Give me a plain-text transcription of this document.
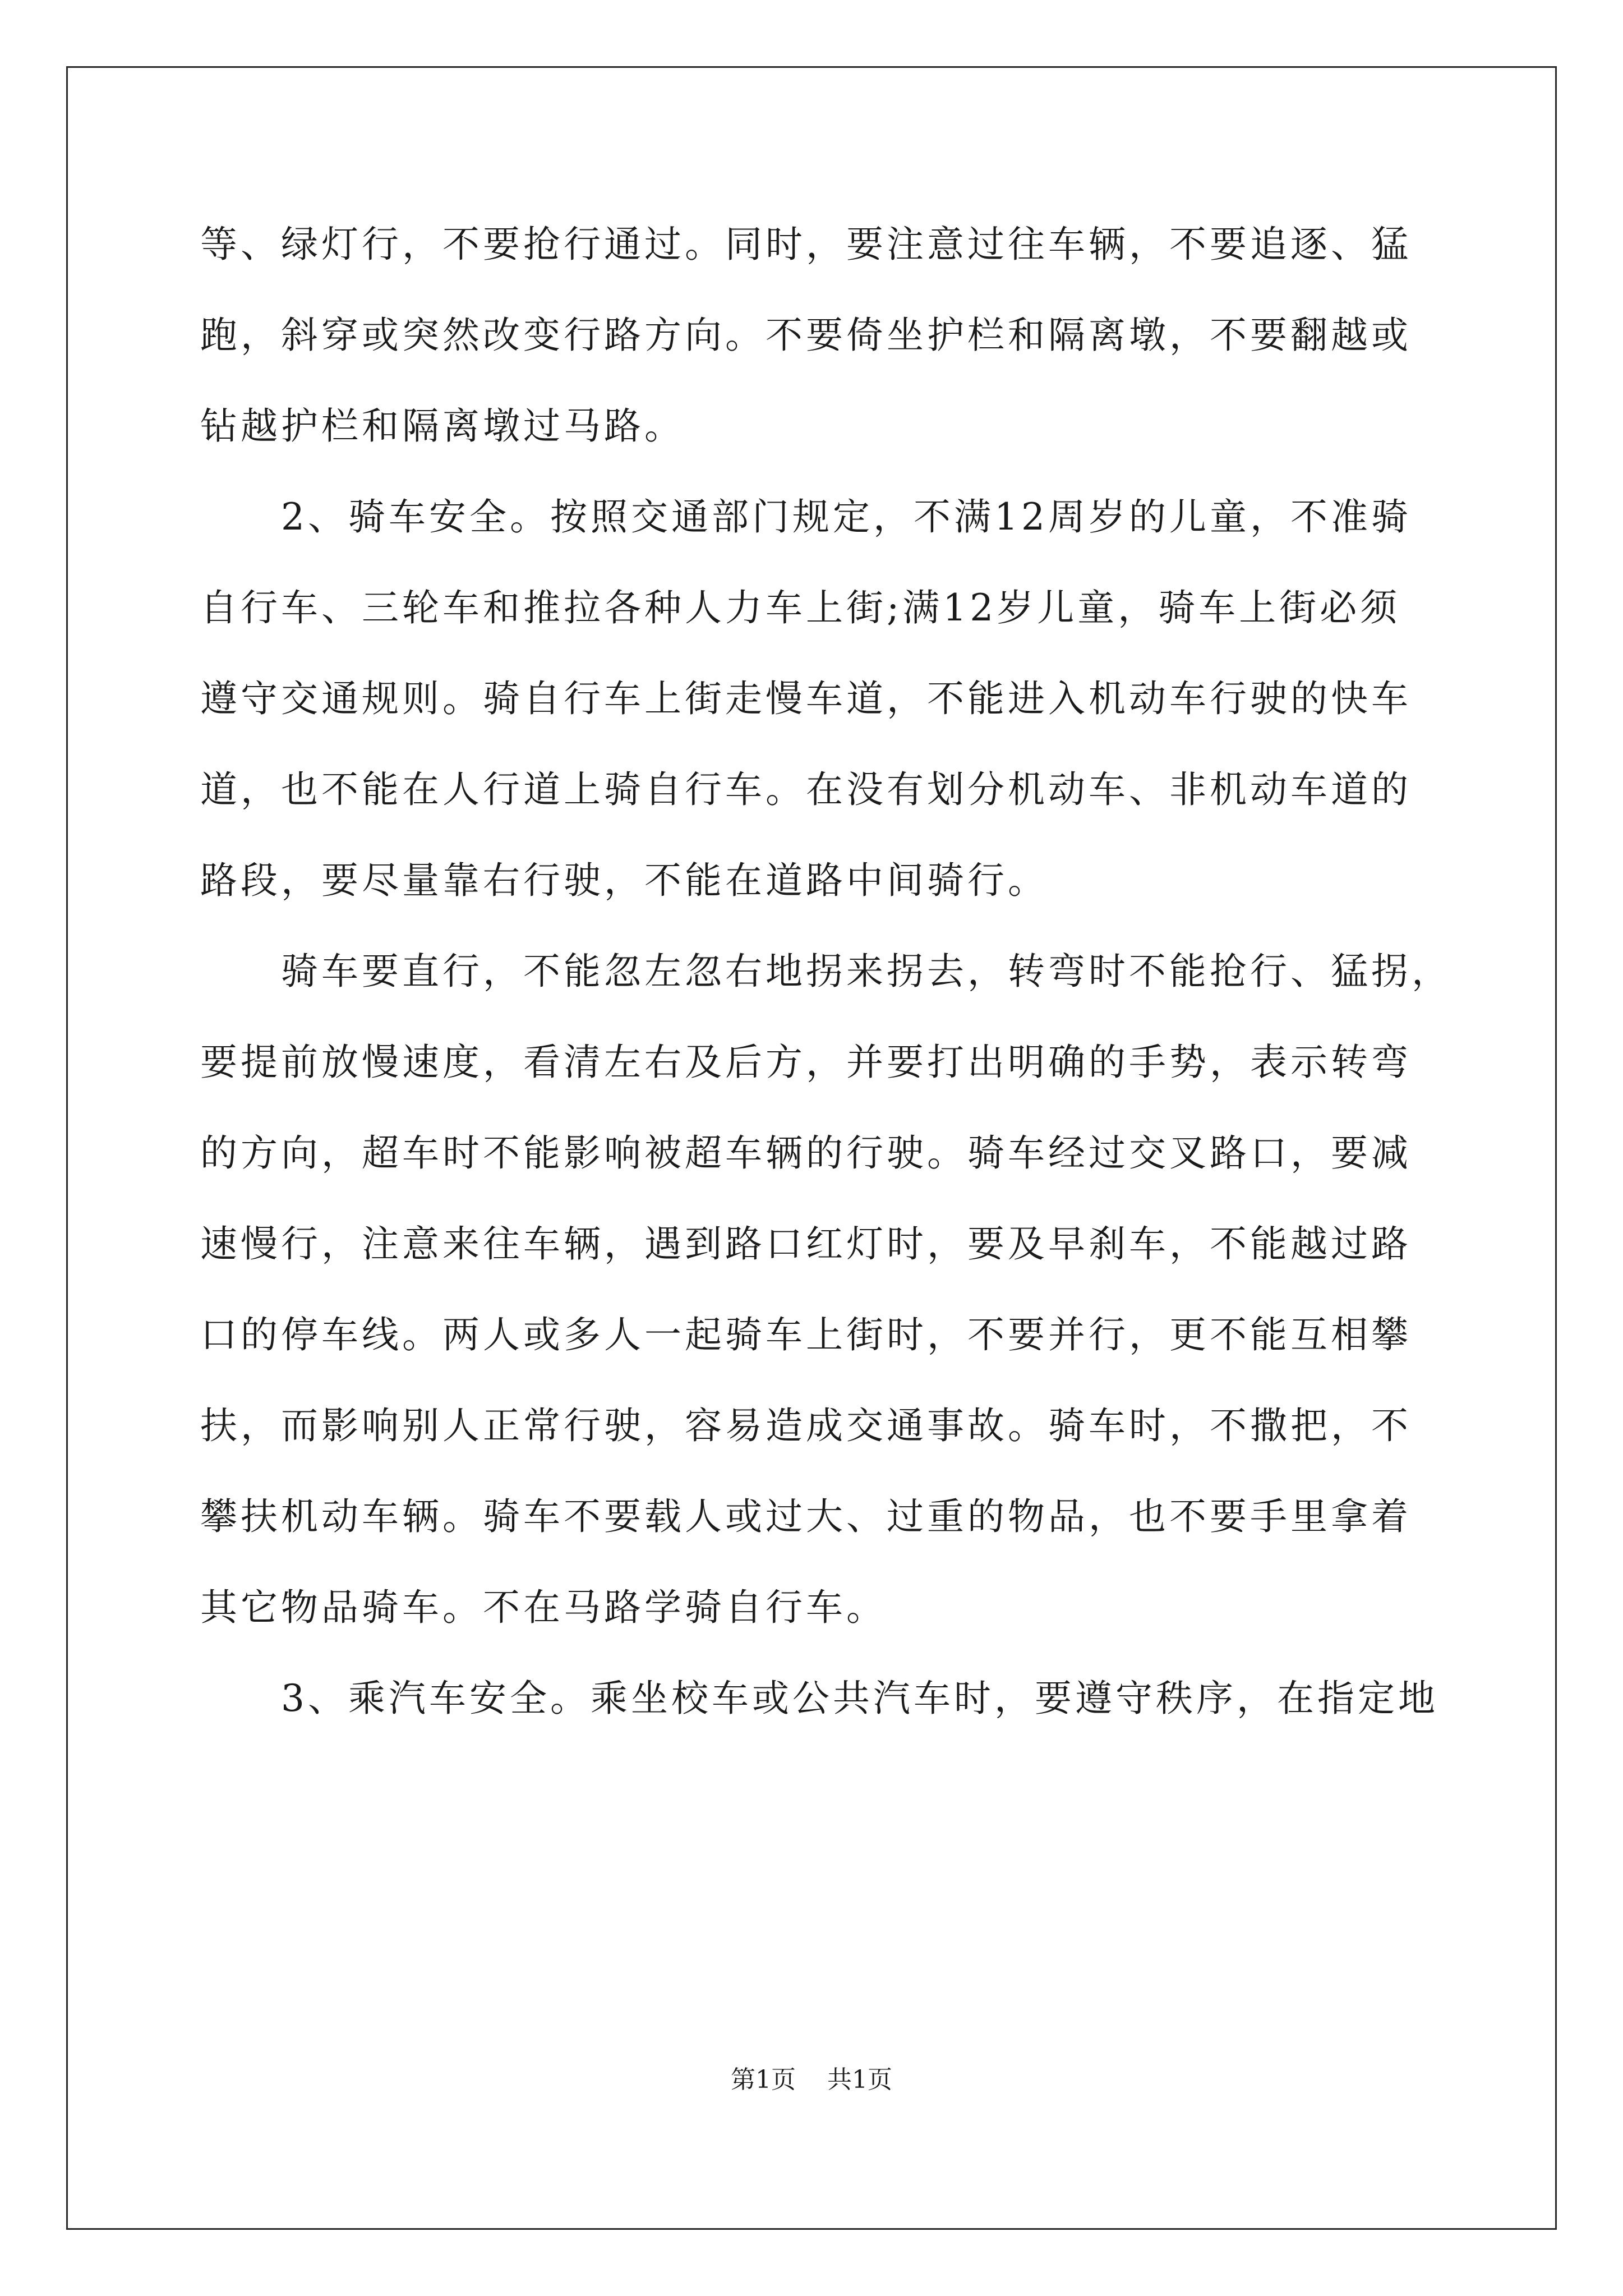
等、绿灯行，不要抢行通过。同时，要注意过往车辆，不要追逐、猛

跑，斜穿或突然改变行路方向。不要倚坐护栏和隔离墩，不要翻越或

钻越护栏和隔离墩过马路。

　　2、骑车安全。按照交通部门规定，不满12周岁的儿童，不准骑

自行车、三轮车和推拉各种人力车上街;满12岁儿童，骑车上街必须

遵守交通规则。骑自行车上街走慢车道，不能进入机动车行驶的快车

道，也不能在人行道上骑自行车。在没有划分机动车、非机动车道的

路段，要尽量靠右行驶，不能在道路中间骑行。

　　骑车要直行，不能忽左忽右地拐来拐去，转弯时不能抢行、猛拐，

要提前放慢速度，看清左右及后方，并要打出明确的手势，表示转弯

的方向，超车时不能影响被超车辆的行驶。骑车经过交叉路口，要减

速慢行，注意来往车辆，遇到路口红灯时，要及早刹车，不能越过路

口的停车线。两人或多人一起骑车上街时，不要并行，更不能互相攀

扶，而影响别人正常行驶，容易造成交通事故。骑车时，不撒把，不

攀扶机动车辆。骑车不要载人或过大、过重的物品，也不要手里拿着

其它物品骑车。不在马路学骑自行车。

　　3、乘汽车安全。乘坐校车或公共汽车时，要遵守秩序，在指定地

第1页 共1页
